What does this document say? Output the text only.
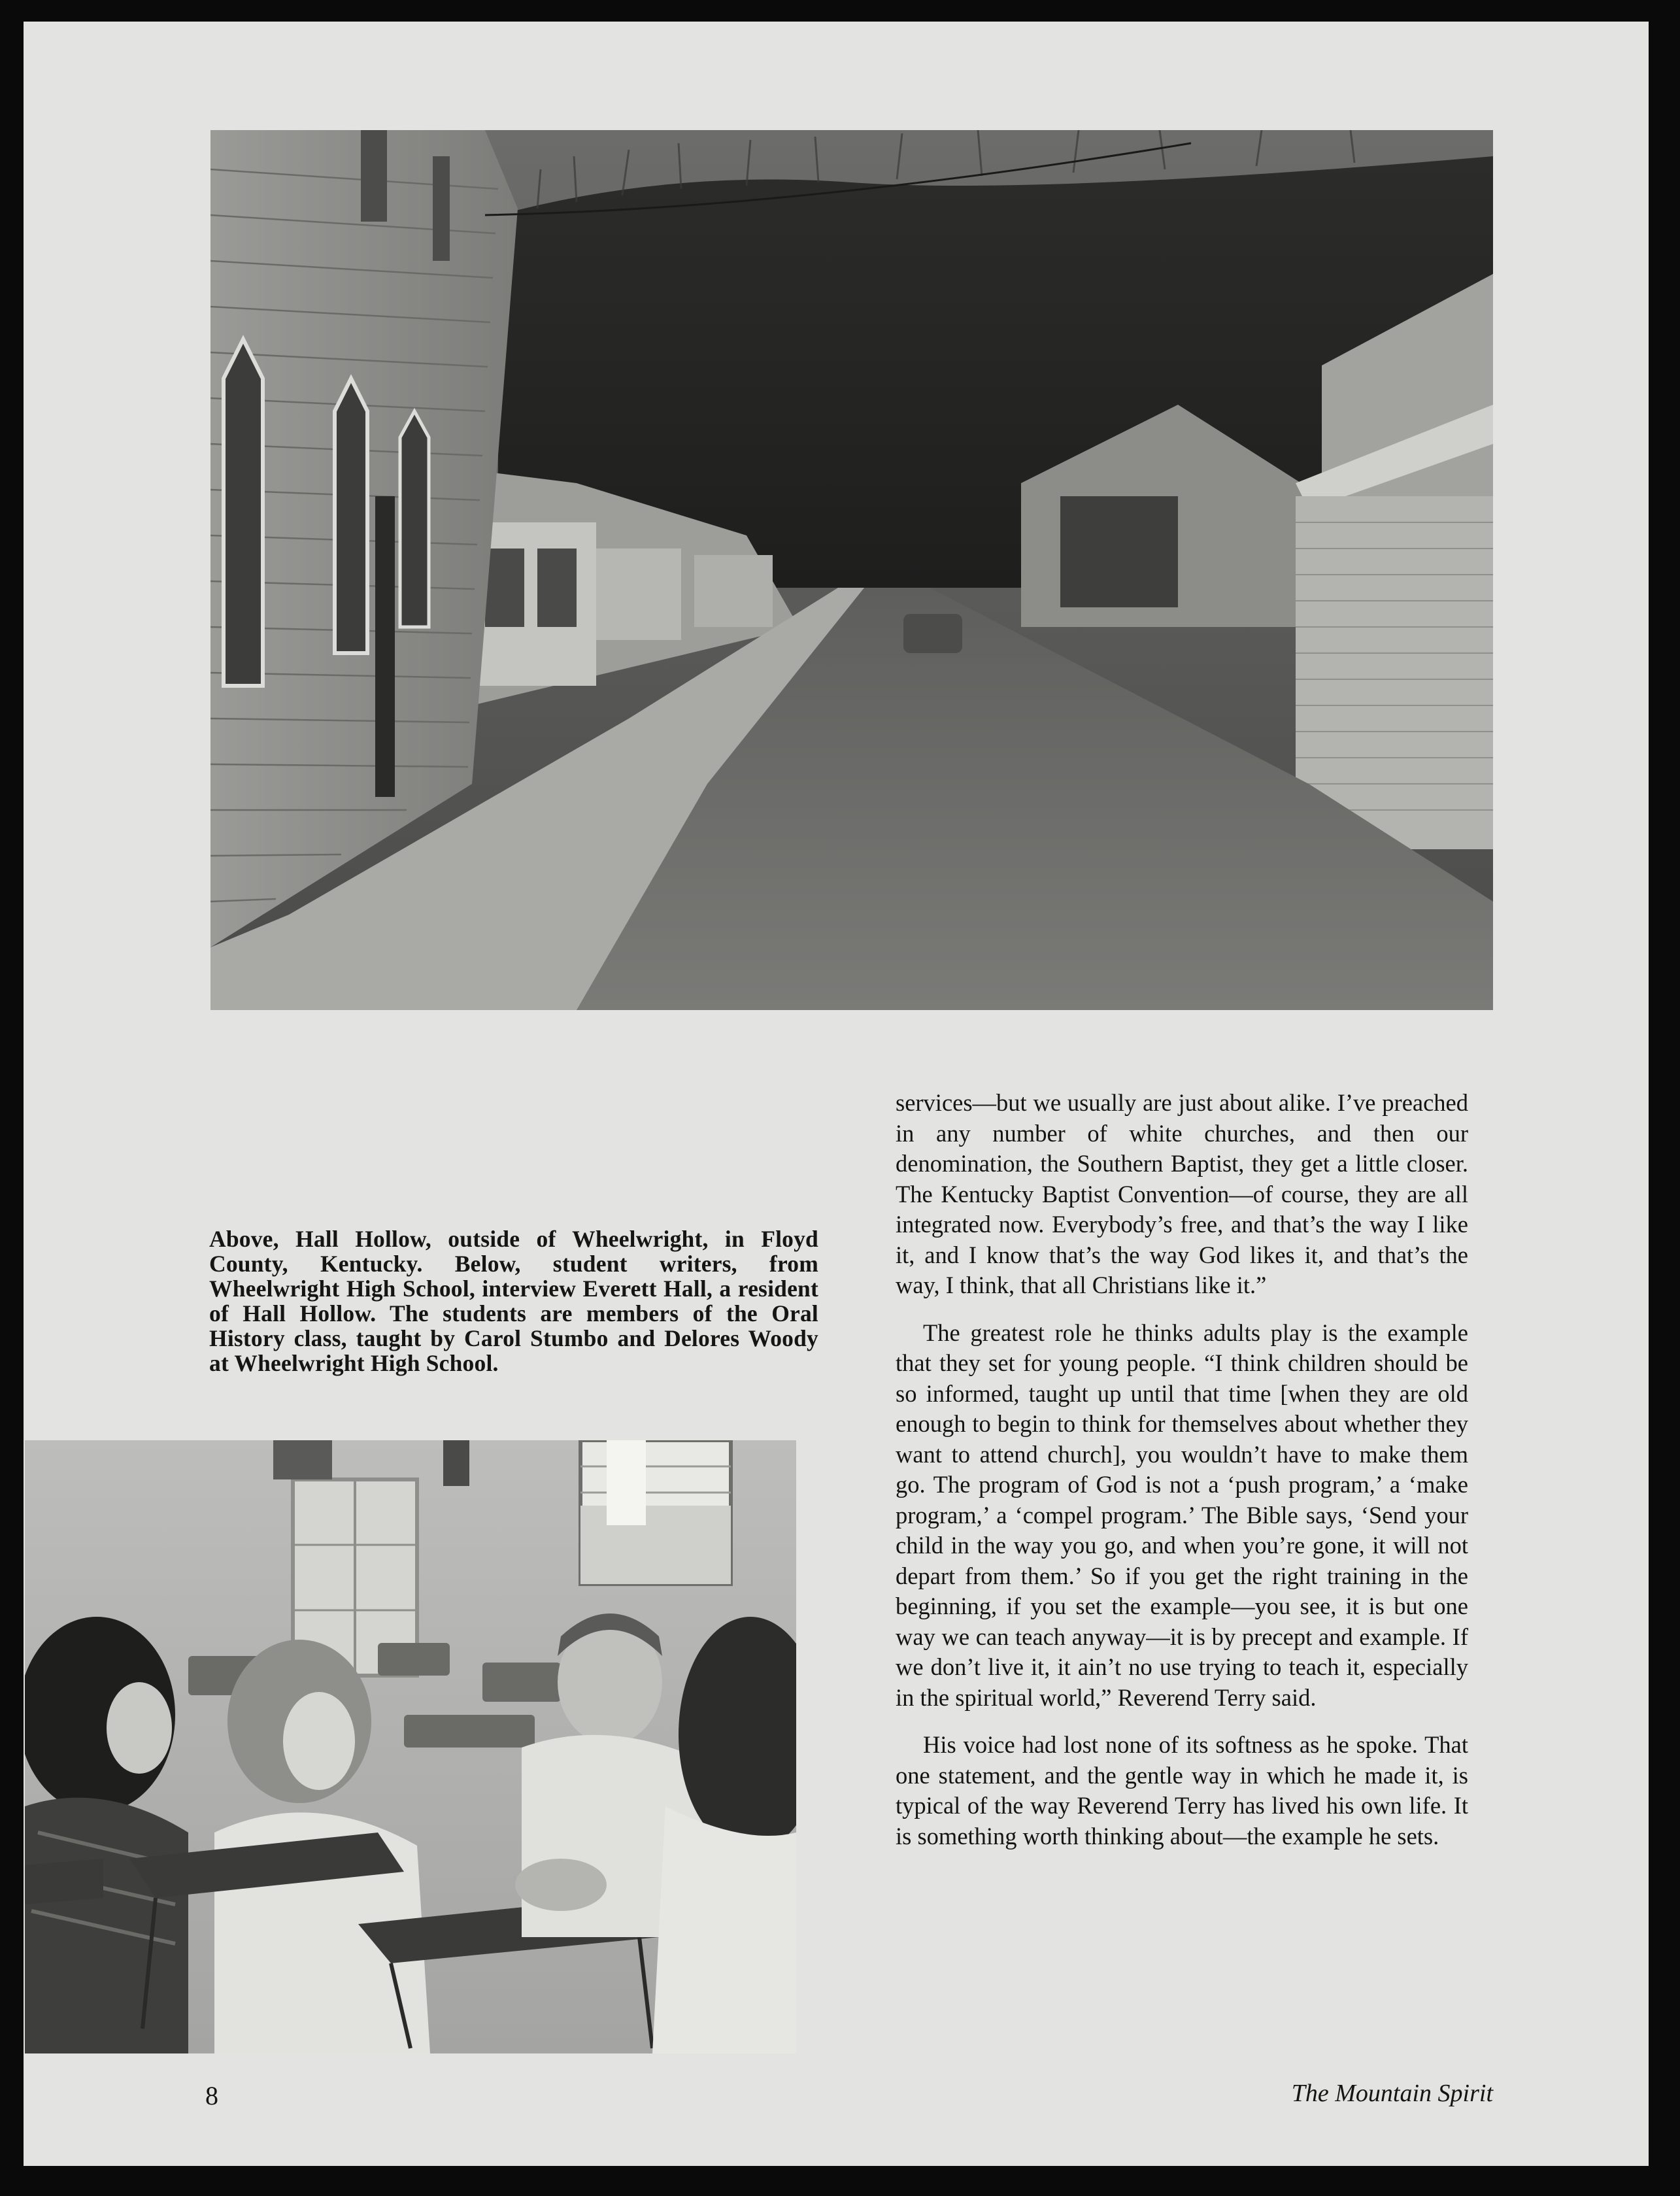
Above, Hall Hollow, outside of Wheelwright, in Floyd County, Kentucky. Below, student writers, from Wheelwright High School, interview Everett Hall, a resident of Hall Hollow. The students are members of the Oral History class, taught by Carol Stumbo and Delores Woody at Wheelwright High School.

services—but we usually are just about alike. I’ve preached in any number of white churches, and then our denomination, the Southern Baptist, they get a little closer. The Kentucky Baptist Convention—of course, they are all integrated now. Everybody’s free, and that’s the way I like it, and I know that’s the way God likes it, and that’s the way, I think, that all Christians like it.”

The greatest role he thinks adults play is the example that they set for young people. “I think children should be so informed, taught up until that time [when they are old enough to begin to think for themselves about whether they want to attend church], you wouldn’t have to make them go. The program of God is not a ‘push program,’ a ‘make program,’ a ‘compel program.’ The Bible says, ‘Send your child in the way you go, and when you’re gone, it will not depart from them.’ So if you get the right training in the beginning, if you set the example—you see, it is but one way we can teach anyway—it is by precept and example. If we don’t live it, it ain’t no use trying to teach it, especially in the spiritual world,” Reverend Terry said.

His voice had lost none of its softness as he spoke. That one statement, and the gentle way in which he made it, is typical of the way Reverend Terry has lived his own life. It is something worth thinking about—the example he sets.

8	The Mountain Spirit
